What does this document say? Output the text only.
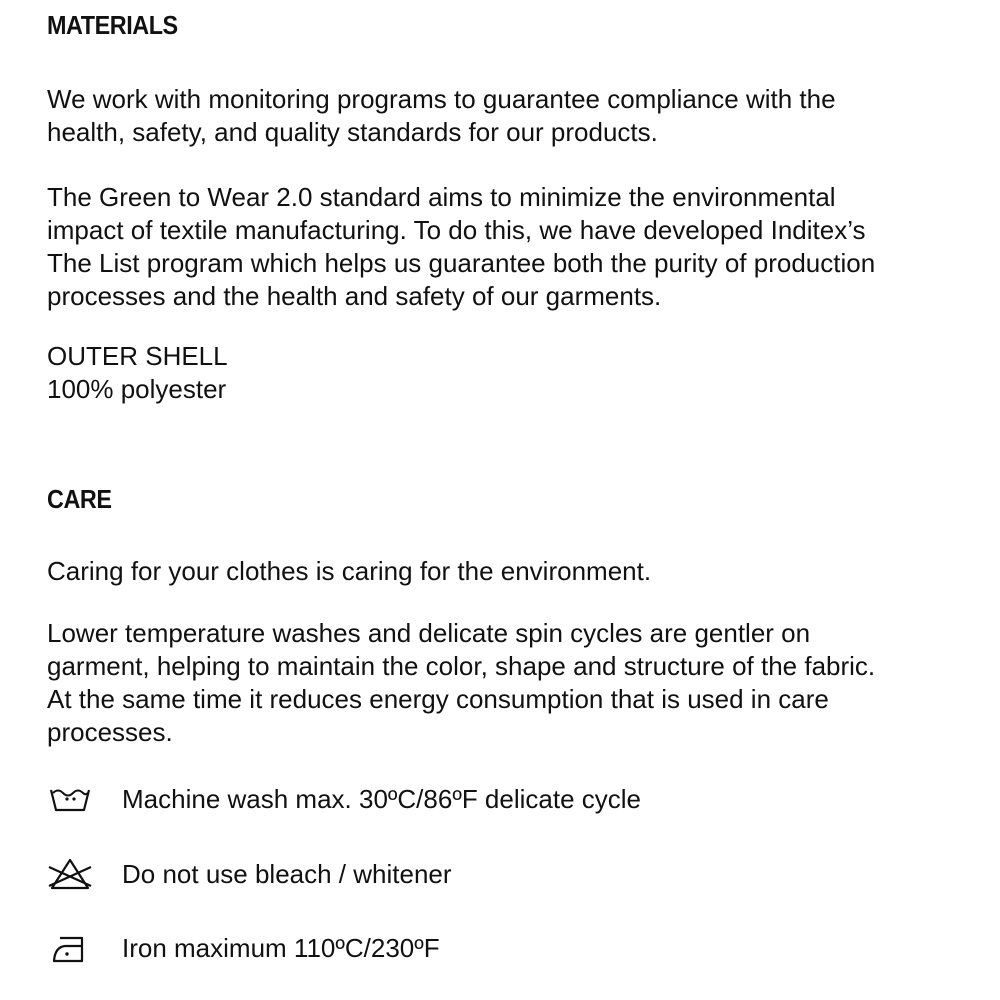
MATERIALS

We work with monitoring programs to guarantee compliance with the
health, safety, and quality standards for our products.

The Green to Wear 2.0 standard aims to minimize the environmental
impact of textile manufacturing. To do this, we have developed Inditex’s
The List program which helps us guarantee both the purity of production
processes and the health and safety of our garments.

OUTER SHELL
100% polyester

CARE

Caring for your clothes is caring for the environment.

Lower temperature washes and delicate spin cycles are gentler on
garment, helping to maintain the color, shape and structure of the fabric.
At the same time it reduces energy consumption that is used in care
processes.

Machine wash max. 30ºC/86ºF delicate cycle
Do not use bleach / whitener
Iron maximum 110ºC/230ºF
